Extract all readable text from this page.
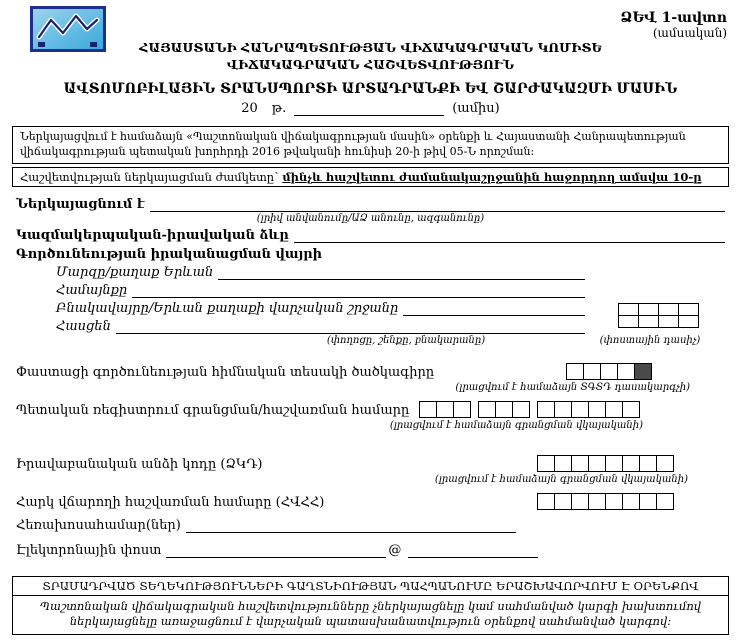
ՁԵՎ 1-ավտո
(ամսական)
ՀԱՅԱՍՏԱՆԻ ՀԱՆՐԱՊԵՏՈՒԹՅԱՆ ՎԻՃԱԿԱԳՐԱԿԱՆ ԿՈՄԻՏԵ
ՎԻՃԱԿԱԳՐԱԿԱՆ ՀԱՇՎԵՏՎՈՒԹՅՈՒՆ
ԱՎՏՈՄՈԲԻԼԱՅԻՆ ՏՐԱՆՍՊՈՐՏԻ ԱՐՏԱԴՐԱՆՔԻ ԵՎ ՇԱՐԺԱԿԱԶՄԻ ՄԱՍԻՆ
20 թ.	(ամիս)
Ներկայացվում է համաձայն «Պաշտոնական վիճակագրության մասին» օրենքի և Հայաստանի Հանրապետության վիճակագրության պետական խորհրդի 2016 թվականի հունիսի 20-ի թիվ 05-Ն որոշման:
Հաշվետվության ներկայացման ժամկետը՝ մինչև հաշվետու ժամանակաշրջանին հաջորդող ամսվա 10-ը
Ներկայացնում է
(լրիվ անվանումը/ԱՁ անունը, ազգանունը)
Կազմակերպական-իրավական ձևը
Գործունեության իրականացման վայրի
Մարզը/քաղաք Երևան
Համայնքը
Բնակավայրը/Երևան քաղաքի վարչական շրջանը
Հասցեն
(փողոցը, շենքը, բնակարանը)	(փոստային դասիչ)
Փաստացի գործունեության հիմնական տեսակի ծածկագիրը
(լրացվում է համաձայն ՏԳՏԴ դասակարգչի)
Պետական ռեգիստրում գրանցման/հաշվառման համարը
(լրացվում է համաձայն գրանցման վկայականի)
Իրավաբանական անձի կոդը (ՁԿԴ)
(լրացվում է համաձայն գրանցման վկայականի)
Հարկ վճարողի հաշվառման համարը (ՀՎՀՀ)
Հեռախոսահամար(ներ)
Էլեկտրոնային փոստ	@
ՏՐԱՄԱԴՐՎԱԾ ՏԵՂԵԿՈՒԹՅՈՒՆՆԵՐԻ ԳԱՂՏՆԻՈՒԹՅԱՆ ՊԱՀՊԱՆՈՒՄԸ ԵՐԱՇԽԱՎՈՐՎՈՒՄ Է ՕՐԵՆՔՈՎ
Պաշտոնական վիճակագրական հաշվետվությունները չներկայացնելը կամ սահմանված կարգի խախտումով ներկայացնելը առաջացնում է վարչական պատասխանատվություն օրենքով սահմանված կարգով:
